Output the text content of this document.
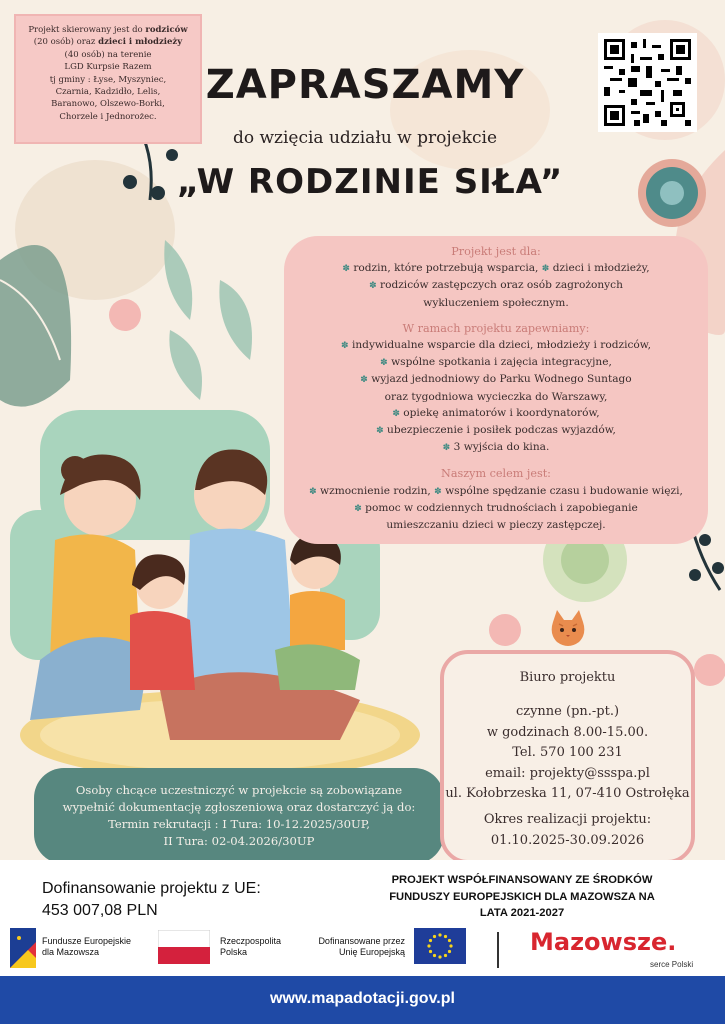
Projekt skierowany jest do rodziców
(20 osób) oraz dzieci i młodzieży
(40 osób) na terenie
LGD Kurpsie Razem
tj gminy : Łyse, Myszyniec,
Czarnia, Kadzidło, Lelis,
Baranowo, Olszewo-Borki,
Chorzele i Jednorożec.
ZAPRASZAMY
do wzięcia udziału w projekcie
„W RODZINIE SIŁA”
Projekt jest dla:
✽ rodzin, które potrzebują wsparcia, ✽ dzieci i młodzieży,
✽ rodziców zastępczych oraz osób zagrożonych
wykluczeniem społecznym.
W ramach projektu zapewniamy:
✽ indywidualne wsparcie dla dzieci, młodzieży i rodziców,
✽ wspólne spotkania i zajęcia integracyjne,
✽ wyjazd jednodniowy do Parku Wodnego Suntago
oraz tygodniowa wycieczka do Warszawy,
✽ opiekę animatorów i koordynatorów,
✽ ubezpieczenie i posiłek podczas wyjazdów,
✽ 3 wyjścia do kina.
Naszym celem jest:
✽ wzmocnienie rodzin, ✽ wspólne spędzanie czasu i budowanie więzi,
✽ pomoc w codziennych trudnościach i zapobieganie
umieszczaniu dzieci w pieczy zastępczej.
Osoby chcące uczestniczyć w projekcie są zobowiązane
wypełnić dokumentację zgłoszeniową oraz dostarczyć ją do:
Termin rekrutacji : I Tura: 10-12.2025/30UP,
II Tura: 02-04.2026/30UP
Biuro projektu
czynne (pn.-pt.)
w godzinach 8.00-15.00.
Tel. 570 100 231
email: projekty@ssspa.pl
ul. Kołobrzeska 11, 07-410 Ostrołęka
Okres realizacji projektu:
01.10.2025-30.09.2026
Dofinansowanie projektu z UE:
453 007,08 PLN
PROJEKT WSPÓŁFINANSOWANY ZE ŚRODKÓW
FUNDUSZY EUROPEJSKICH DLA MAZOWSZA NA
LATA 2021-2027
Fundusze Europejskie
dla Mazowsza
Rzeczpospolita
Polska
Dofinansowane przez
Unię Europejską	Mazowsze.
serce Polski
www.mapadotacji.gov.pl
